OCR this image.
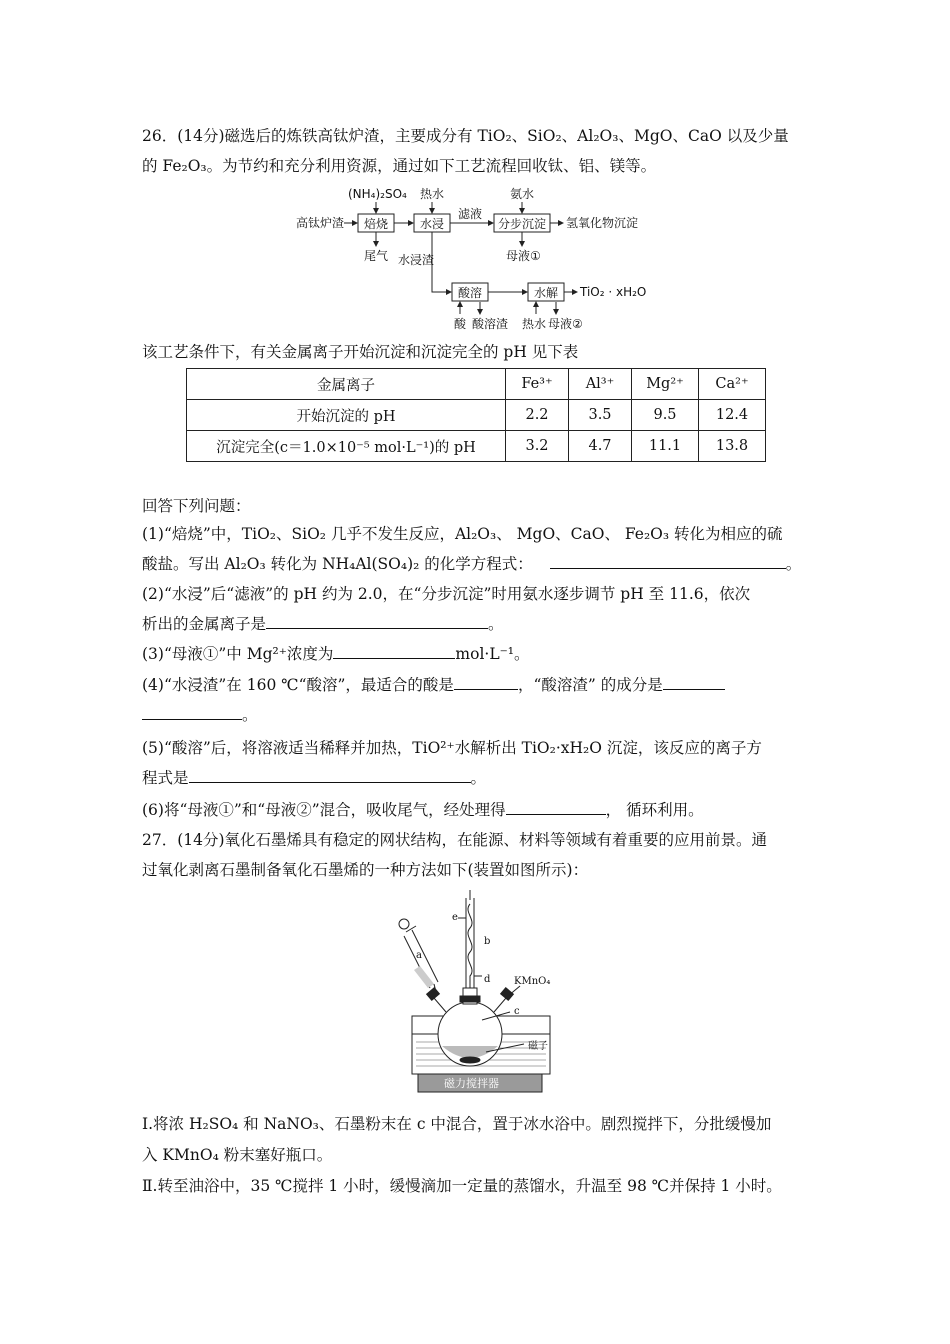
26．(14分)磁选后的炼铁高钛炉渣，主要成分有 TiO₂、SiO₂、Al₂O₃、MgO、CaO 以及少量
的 Fe₂O₃。为节约和充分利用资源，通过如下工艺流程回收钛、铝、镁等。
高钛炉渣
(NH₄)₂SO₄
焙烧
尾气
热水
水浸
滤液
氨水
分步沉淀 氢氧化物沉淀
母液①
水浸渣
酸溶	水解 TiO₂ · xH₂O
酸 酸溶渣 热水 母液②
该工艺条件下，有关金属离子开始沉淀和沉淀完全的 pH 见下表
金属离子	Fe³⁺	Al³⁺	Mg²⁺	Ca²⁺
开始沉淀的 pH	2.2	3.5	9.5	12.4
沉淀完全(c＝1.0×10⁻⁵ mol·L⁻¹)的 pH	3.2	4.7	11.1	13.8
回答下列问题：
(1)“焙烧”中，TiO₂、SiO₂ 几乎不发生反应，Al₂O₃、 MgO、CaO、 Fe₂O₃ 转化为相应的硫
酸盐。写出 Al₂O₃ 转化为 NH₄Al(SO₄)₂ 的化学方程式：	。
(2)“水浸”后“滤液”的 pH 约为 2.0，在“分步沉淀”时用氨水逐步调节 pH 至 11.6，依次
析出的金属离子是	。
(3)“母液①”中 Mg²⁺浓度为	mol·L⁻¹。
(4)“水浸渣”在 160 ℃“酸溶”，最适合的酸是	，“酸溶渣” 的成分是
。
(5)“酸溶”后，将溶液适当稀释并加热，TiO²⁺水解析出 TiO₂·xH₂O 沉淀，该反应的离子方
程式是	。
(6)将“母液①”和“母液②”混合，吸收尾气，经处理得	， 循环利用。
27．(14分)氧化石墨烯具有稳定的网状结构，在能源、材料等领域有着重要的应用前景。通
过氧化剥离石墨制备氧化石墨烯的一种方法如下(装置如图所示)：
e
b
a
d KMnO₄
c
磁子
磁力搅拌器
Ⅰ.将浓 H₂SO₄ 和 NaNO₃、石墨粉末在 c 中混合，置于冰水浴中。剧烈搅拌下，分批缓慢加
入 KMnO₄ 粉末塞好瓶口。
Ⅱ.转至油浴中，35 ℃搅拌 1 小时，缓慢滴加一定量的蒸馏水，升温至 98 ℃并保持 1 小时。
